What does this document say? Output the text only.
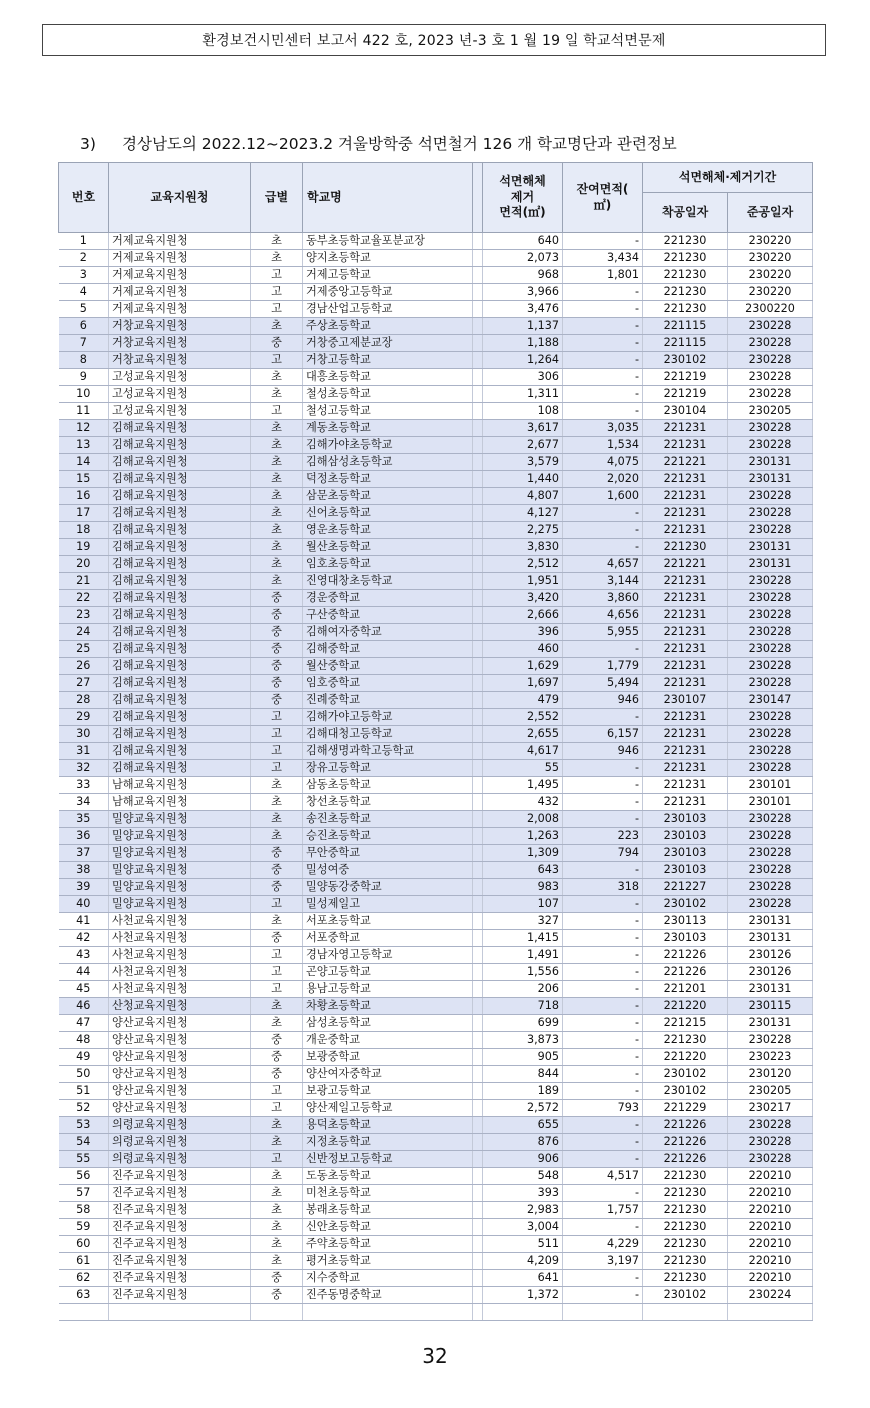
환경보건시민센터 보고서 422 호, 2023 년-3 호 1 월 19 일 학교석면문제
3) 경상남도의 2022.12~2023.2 겨울방학중 석면철거 126 개 학교명단과 관련정보
번호	교육지원청	급별	학교명		석면해체
제거
면적(㎡)	잔여면적(
㎡)	석면해체·제거기간	
							착공일자	준공일자
1	거제교육지원청	초	동부초등학교율포분교장		640	-	221230	230220
2	거제교육지원청	초	양지초등학교		2,073	3,434	221230	230220
3	거제교육지원청	고	거제고등학교		968	1,801	221230	230220
4	거제교육지원청	고	거제중앙고등학교		3,966	-	221230	230220
5	거제교육지원청	고	경남산업고등학교		3,476	-	221230	2300220
6	거창교육지원청	초	주상초등학교		1,137	-	221115	230228
7	거창교육지원청	중	거창중고제분교장		1,188	-	221115	230228
8	거창교육지원청	고	거창고등학교		1,264	-	230102	230228
9	고성교육지원청	초	대흥초등학교		306	-	221219	230228
10	고성교육지원청	초	철성초등학교		1,311	-	221219	230228
11	고성교육지원청	고	철성고등학교		108	-	230104	230205
12	김해교육지원청	초	계동초등학교		3,617	3,035	221231	230228
13	김해교육지원청	초	김해가야초등학교		2,677	1,534	221231	230228
14	김해교육지원청	초	김해삼성초등학교		3,579	4,075	221221	230131
15	김해교육지원청	초	덕정초등학교		1,440	2,020	221231	230131
16	김해교육지원청	초	삼문초등학교		4,807	1,600	221231	230228
17	김해교육지원청	초	신어초등학교		4,127	-	221231	230228
18	김해교육지원청	초	영운초등학교		2,275	-	221231	230228
19	김해교육지원청	초	월산초등학교		3,830	-	221230	230131
20	김해교육지원청	초	임호초등학교		2,512	4,657	221221	230131
21	김해교육지원청	초	진영대창초등학교		1,951	3,144	221231	230228
22	김해교육지원청	중	경운중학교		3,420	3,860	221231	230228
23	김해교육지원청	중	구산중학교		2,666	4,656	221231	230228
24	김해교육지원청	중	김해여자중학교		396	5,955	221231	230228
25	김해교육지원청	중	김해중학교		460	-	221231	230228
26	김해교육지원청	중	월산중학교		1,629	1,779	221231	230228
27	김해교육지원청	중	임호중학교		1,697	5,494	221231	230228
28	김해교육지원청	중	진례중학교		479	946	230107	230147
29	김해교육지원청	고	김해가야고등학교		2,552	-	221231	230228
30	김해교육지원청	고	김해대청고등학교		2,655	6,157	221231	230228
31	김해교육지원청	고	김해생명과학고등학교		4,617	946	221231	230228
32	김해교육지원청	고	장유고등학교		55	-	221231	230228
33	남해교육지원청	초	삼동초등학교		1,495	-	221231	230101
34	남해교육지원청	초	창선초등학교		432	-	221231	230101
35	밀양교육지원청	초	송진초등학교		2,008	-	230103	230228
36	밀양교육지원청	초	승진초등학교		1,263	223	230103	230228
37	밀양교육지원청	중	무안중학교		1,309	794	230103	230228
38	밀양교육지원청	중	밀성여중		643	-	230103	230228
39	밀양교육지원청	중	밀양동강중학교		983	318	221227	230228
40	밀양교육지원청	고	밀성제일고		107	-	230102	230228
41	사천교육지원청	초	서포초등학교		327	-	230113	230131
42	사천교육지원청	중	서포중학교		1,415	-	230103	230131
43	사천교육지원청	고	경남자영고등학교		1,491	-	221226	230126
44	사천교육지원청	고	곤양고등학교		1,556	-	221226	230126
45	사천교육지원청	고	용남고등학교		206	-	221201	230131
46	산청교육지원청	초	차황초등학교		718	-	221220	230115
47	양산교육지원청	초	삼성초등학교		699	-	221215	230131
48	양산교육지원청	중	개운중학교		3,873	-	221230	230228
49	양산교육지원청	중	보광중학교		905	-	221220	230223
50	양산교육지원청	중	양산여자중학교		844	-	230102	230120
51	양산교육지원청	고	보광고등학교		189	-	230102	230205
52	양산교육지원청	고	양산제일고등학교		2,572	793	221229	230217
53	의령교육지원청	초	용덕초등학교		655	-	221226	230228
54	의령교육지원청	초	지정초등학교		876	-	221226	230228
55	의령교육지원청	고	신반정보고등학교		906	-	221226	230228
56	진주교육지원청	초	도동초등학교		548	4,517	221230	220210
57	진주교육지원청	초	미천초등학교		393	-	221230	220210
58	진주교육지원청	초	봉래초등학교		2,983	1,757	221230	220210
59	진주교육지원청	초	신안초등학교		3,004	-	221230	220210
60	진주교육지원청	초	주약초등학교		511	4,229	221230	220210
61	진주교육지원청	초	평거초등학교		4,209	3,197	221230	220210
62	진주교육지원청	중	지수중학교		641	-	221230	220210
63	진주교육지원청	중	진주동명중학교		1,372	-	230102	230224

32
